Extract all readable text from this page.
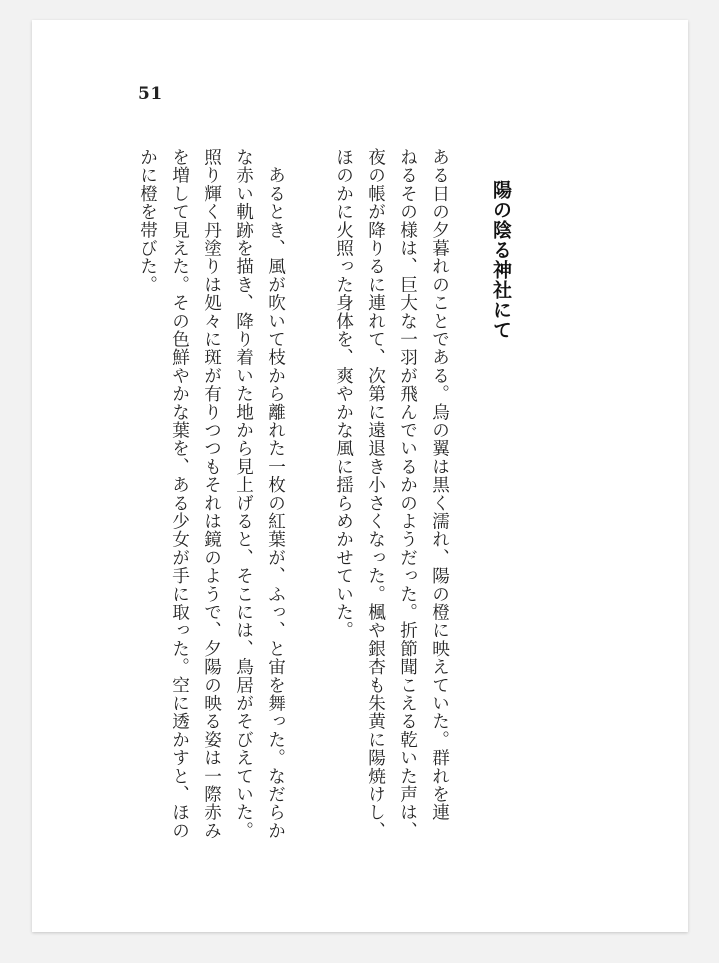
51
陽の陰る神社にて
ある日の夕暮れのことである。烏の翼は黒く濡れ、陽の橙に映えていた。群れを連
ねるその様は、巨大な一羽が飛んでいるかのようだった。折節聞こえる乾いた声は、
夜の帳が降りるに連れて、次第に遠退き小さくなった。楓や銀杏も朱黄に陽焼けし、
ほのかに火照った身体を、爽やかな風に揺らめかせていた。
　あるとき、風が吹いて枝から離れた一枚の紅葉が、ふっ、と宙を舞った。なだらか
な赤い軌跡を描き、降り着いた地から見上げると、そこには、鳥居がそびえていた。
照り輝く丹塗りは処々に斑が有りつつもそれは鏡のようで、夕陽の映る姿は一際赤み
を増して見えた。その色鮮やかな葉を、ある少女が手に取った。空に透かすと、ほの
かに橙を帯びた。
